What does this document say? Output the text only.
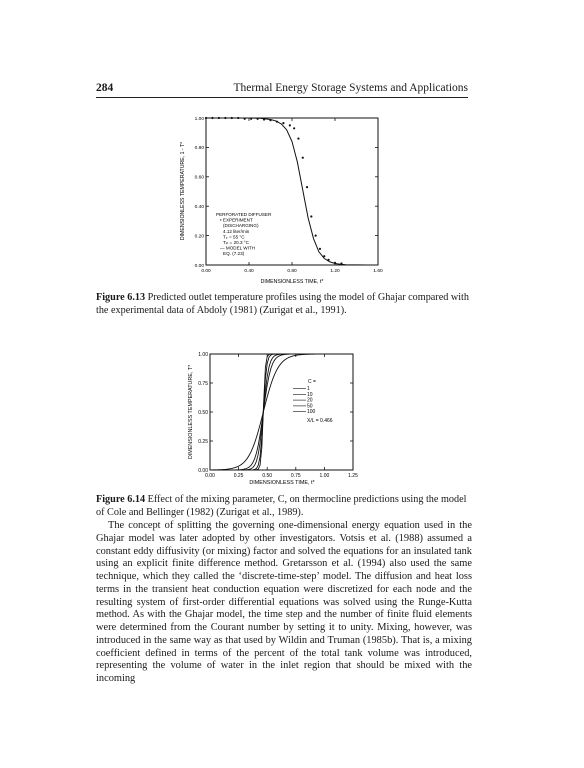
284	Thermal Energy Storage Systems and Applications
0.00	0.40	0.80	1.20	1.60
0.00
0.20
0.40
0.60
0.80
1.00
PERFORATED DIFFUSER
• EXPERIMENT
(DISCHARGING)
4.12 liter/min
Tₚ = 55 °C
Tᵢₙ = 20.3 °C
— MODEL WITH
EQ. (7.23)
DIMENSIONLESS TIME, t*
DIMENSIONLESS TEMPERATURE, 1 - T*
Figure 6.13 Predicted outlet temperature profiles using the model of Ghajar compared with the experimental data of Abdoly (1981) (Zurigat et al., 1991).
0.00	0.25	0.50	0.75	1.00	1.25
0.00
0.25
0.50
0.75
1.00
C =
1
10
20
50
100
X/L = 0.466
DIMENSIONLESS TIME, t*
DIMENSIONLESS TEMPERATURE, T*
Figure 6.14 Effect of the mixing parameter, C, on thermocline predictions using the model of Cole and Bellinger (1982) (Zurigat et al., 1989).

The concept of splitting the governing one-dimensional energy equation used in the Ghajar model was later adopted by other investigators. Votsis et al. (1988) assumed a constant eddy diffusivity (or mixing) factor and solved the equations for an insulated tank using an explicit finite difference method. Gretarsson et al. (1994) also used the same technique, which they called the ‘discrete-time-step’ model. The diffusion and heat loss terms in the transient heat conduction equation were discretized for each node and the resulting system of first-order differential equations was solved using the Runge-Kutta method. As with the Ghajar model, the time step and the number of finite fluid elements were determined from the Courant number by setting it to unity. Mixing, however, was introduced in the same way as that used by Wildin and Truman (1985b). That is, a mixing coefficient defined in terms of the percent of the total tank volume was introduced, representing the volume of water in the inlet region that should be mixed with the incoming
